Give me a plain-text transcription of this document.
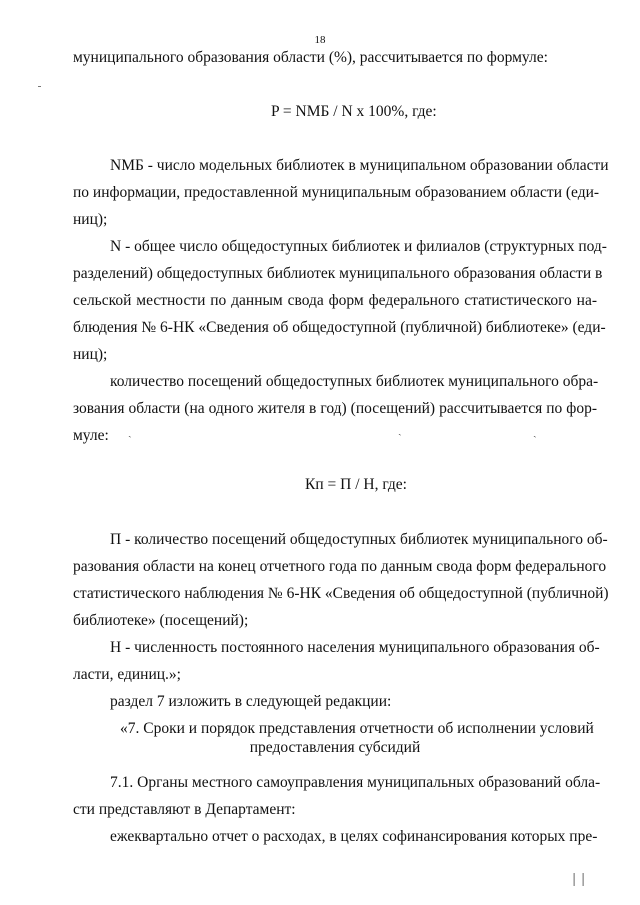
18
муниципального образования области (%), рассчитывается по формуле:
P = NМБ / N x 100%, где:
NМБ - число модельных библиотек в муниципальном образовании области
по информации, предоставленной муниципальным образованием области (еди-
ниц);
N - общее число общедоступных библиотек и филиалов (структурных под-
разделений) общедоступных библиотек муниципального образования области в
сельской местности по данным свода форм федерального статистического на-
блюдения № 6-НК «Сведения об общедоступной (публичной) библиотеке» (еди-
ниц);
количество посещений общедоступных библиотек муниципального обра-
зования области (на одного жителя в год) (посещений) рассчитывается по фор-
муле: ˏ	ˏ	ˏ
Кп = П / Н, где:
П - количество посещений общедоступных библиотек муниципального об-
разования области на конец отчетного года по данным свода форм федерального
статистического наблюдения № 6-НК «Сведения об общедоступной (публичной)
библиотеке» (посещений);
Н - численность постоянного населения муниципального образования об-
ласти, единиц.»;
раздел 7 изложить в следующей редакции:
«7. Сроки и порядок представления отчетности об исполнении условий
предоставления субсидий
7.1. Органы местного самоуправления муниципальных образований обла-
сти представляют в Департамент:
ежеквартально отчет о расходах, в целях софинансирования которых пре-
׀ ׀
